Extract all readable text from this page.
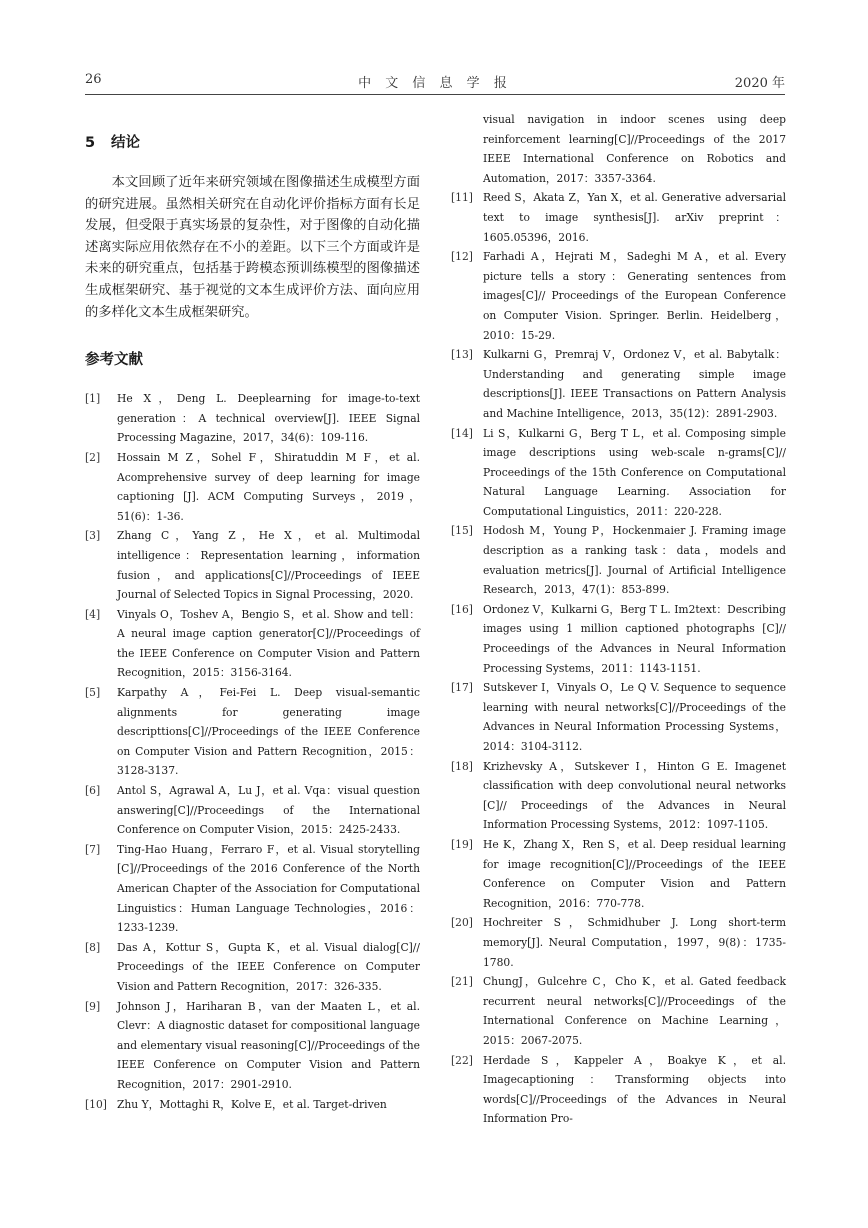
26	中 文 信 息 学 报	2020 年
5 结论

本文回顾了近年来研究领域在图像描述生成模型方面的研究进展。虽然相关研究在自动化评价指标方面有长足发展，但受限于真实场景的复杂性，对于图像的自动化描述离实际应用依然存在不小的差距。以下三个方面或许是未来的研究重点，包括基于跨模态预训练模型的图像描述生成框架研究、基于视觉的文本生成评价方法、面向应用的多样化文本生成框架研究。

参考文献
[1] He X，Deng L. Deeplearning for image-to-text generation：A technical overview[J]. IEEE Signal Processing Magazine，2017，34(6)：109-116.
[2] Hossain M Z，Sohel F，Shiratuddin M F，et al. Acomprehensive survey of deep learning for image captioning [J]. ACM Computing Surveys，2019，51(6)：1-36.
[3] Zhang C，Yang Z，He X，et al. Multimodal intelligence：Representation learning，information fusion，and applications[C]//Proceedings of IEEE Journal of Selected Topics in Signal Processing，2020.
[4] Vinyals O，Toshev A，Bengio S，et al. Show and tell：A neural image caption generator[C]//Proceedings of the IEEE Conference on Computer Vision and Pattern Recognition，2015：3156-3164.
[5] Karpathy A，Fei-Fei L. Deep visual-semantic alignments for generating image descripttions[C]//Proceedings of the IEEE Conference on Computer Vision and Pattern Recognition，2015：3128-3137.
[6] Antol S，Agrawal A，Lu J，et al. Vqa：visual question answering[C]//Proceedings of the International Conference on Computer Vision，2015：2425-2433.
[7] Ting-Hao Huang，Ferraro F，et al. Visual storytelling [C]//Proceedings of the 2016 Conference of the North American Chapter of the Association for Computational Linguistics：Human Language Technologies，2016：1233-1239.
[8] Das A，Kottur S，Gupta K，et al. Visual dialog[C]// Proceedings of the IEEE Conference on Computer Vision and Pattern Recognition，2017：326-335.
[9] Johnson J，Hariharan B，van der Maaten L，et al. Clevr：A diagnostic dataset for compositional language and elementary visual reasoning[C]//Proceedings of the IEEE Conference on Computer Vision and Pattern Recognition，2017：2901-2910.
[10] Zhu Y，Mottaghi R，Kolve E，et al. Target-driven
visual navigation in indoor scenes using deep reinforcement learning[C]//Proceedings of the 2017 IEEE International Conference on Robotics and Automation，2017：3357-3364.
[11] Reed S，Akata Z，Yan X，et al. Generative adversarial text to image synthesis[J]. arXiv preprint：1605.05396，2016.
[12] Farhadi A，Hejrati M，Sadeghi M A，et al. Every picture tells a story：Generating sentences from images[C]// Proceedings of the European Conference on Computer Vision. Springer. Berlin. Heidelberg，2010：15-29.
[13] Kulkarni G，Premraj V，Ordonez V，et al. Babytalk：Understanding and generating simple image descriptions[J]. IEEE Transactions on Pattern Analysis and Machine Intelligence，2013，35(12)：2891-2903.
[14] Li S，Kulkarni G，Berg T L，et al. Composing simple image descriptions using web-scale n-grams[C]// Proceedings of the 15th Conference on Computational Natural Language Learning. Association for Computational Linguistics，2011：220-228.
[15] Hodosh M，Young P，Hockenmaier J. Framing image description as a ranking task：data，models and evaluation metrics[J]. Journal of Artificial Intelligence Research，2013，47(1)：853-899.
[16] Ordonez V，Kulkarni G，Berg T L. Im2text：Describing images using 1 million captioned photographs [C]// Proceedings of the Advances in Neural Information Processing Systems，2011：1143-1151.
[17] Sutskever I，Vinyals O，Le Q V. Sequence to sequence learning with neural networks[C]//Proceedings of the Advances in Neural Information Processing Systems，2014：3104-3112.
[18] Krizhevsky A，Sutskever I，Hinton G E. Imagenet classification with deep convolutional neural networks [C]// Proceedings of the Advances in Neural Information Processing Systems，2012：1097-1105.
[19] He K，Zhang X，Ren S，et al. Deep residual learning for image recognition[C]//Proceedings of the IEEE Conference on Computer Vision and Pattern Recognition，2016：770-778.
[20] Hochreiter S，Schmidhuber J. Long short-term memory[J]. Neural Computation，1997，9(8)：1735-1780.
[21] ChungJ，Gulcehre C，Cho K，et al. Gated feedback recurrent neural networks[C]//Proceedings of the International Conference on Machine Learning，2015：2067-2075.
[22] Herdade S，Kappeler A，Boakye K，et al. Imagecaptioning：Transforming objects into words[C]//Proceedings of the Advances in Neural Information Pro-
